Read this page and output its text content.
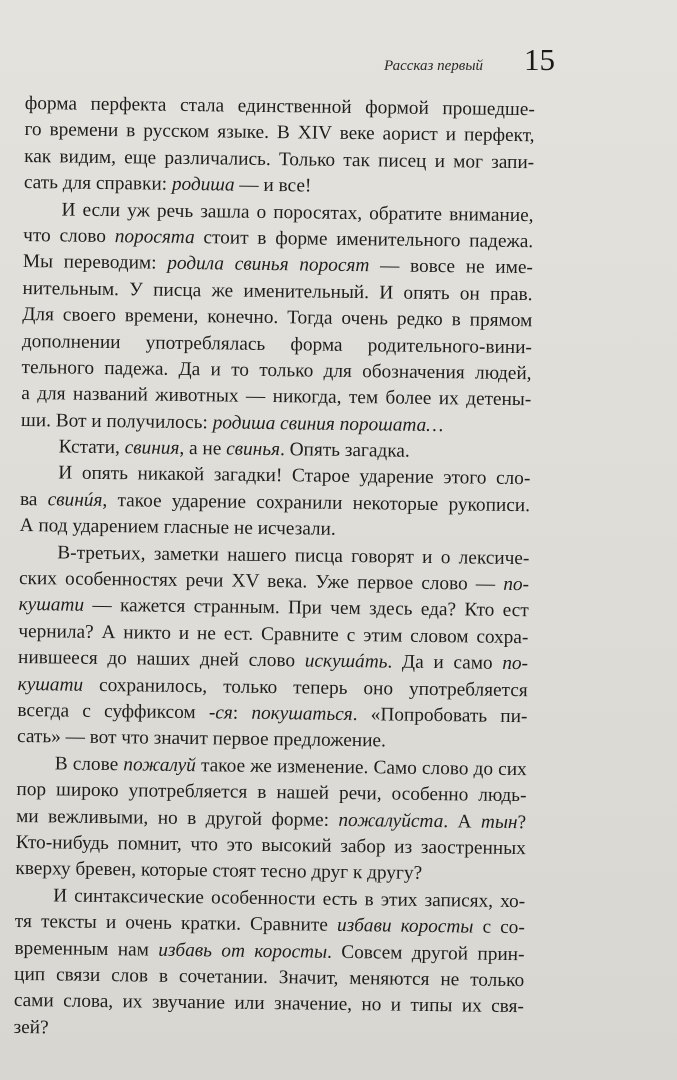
Рассказ первый 15
форма перфекта стала единственной формой прошедше-
го времени в русском языке. В XIV веке аорист и перфект,
как видим, еще различались. Только так писец и мог запи-
сать для справки: родиша — и все!
И если уж речь зашла о поросятах, обратите внимание,
что слово поросята стоит в форме именительного падежа.
Мы переводим: родила свинья поросят — вовсе не име-
нительным. У писца же именительный. И опять он прав.
Для своего времени, конечно. Тогда очень редко в прямом
дополнении употреблялась форма родительного-вини-
тельного падежа. Да и то только для обозначения людей,
а для названий животных — никогда, тем более их детены-
ши. Вот и получилось: родиша свиния порошата…
Кстати, свиния, а не свинья. Опять загадка.
И опять никакой загадки! Старое ударение этого сло-
ва свинúя, такое ударение сохранили некоторые рукописи.
А под ударением гласные не исчезали.
В-третьих, заметки нашего писца говорят и о лексиче-
ских особенностях речи XV века. Уже первое слово — по-
кушати — кажется странным. При чем здесь еда? Кто ест
чернила? А никто и не ест. Сравните с этим словом сохра-
нившееся до наших дней слово искушáть. Да и само по-
кушати сохранилось, только теперь оно употребляется
всегда с суффиксом -ся: покушаться. «Попробовать пи-
сать» — вот что значит первое предложение.
В слове пожалуй такое же изменение. Само слово до сих
пор широко употребляется в нашей речи, особенно людь-
ми вежливыми, но в другой форме: пожалуйста. А тын?
Кто-нибудь помнит, что это высокий забор из заостренных
кверху бревен, которые стоят тесно друг к другу?
И синтаксические особенности есть в этих записях, хо-
тя тексты и очень кратки. Сравните избави коросты с со-
временным нам избавь от коросты. Совсем другой прин-
цип связи слов в сочетании. Значит, меняются не только
сами слова, их звучание или значение, но и типы их свя-
зей?
